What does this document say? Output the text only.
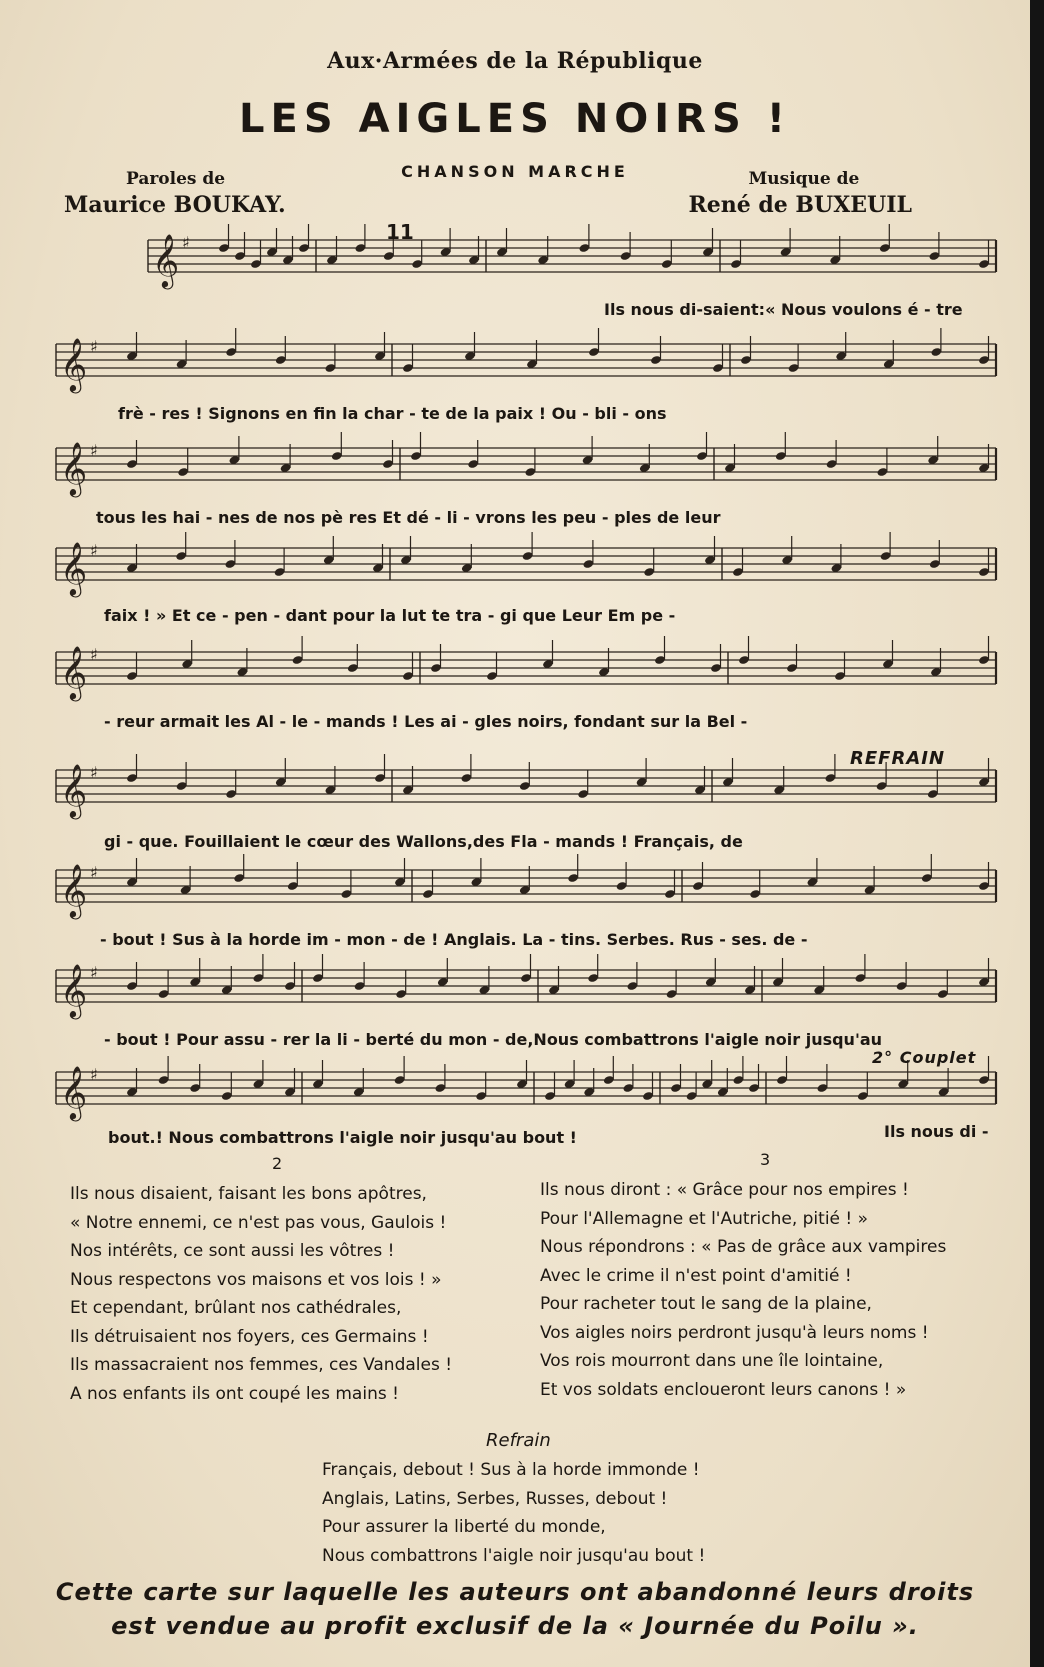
Aux·Armées de la République
LES AIGLES NOIRS !
CHANSON MARCHE
Paroles de
Maurice BOUKAY.
Musique de
René de BUXEUIL
𝄞 ♯
𝄞 ♯
𝄞 ♯
𝄞 ♯
𝄞 ♯
𝄞 ♯
𝄞 ♯
𝄞 ♯
𝄞 ♯
11
REFRAIN
2° Couplet
Ils nous di-saient:« Nous voulons é - tre
frè - res ! Signons en fin la char - te de la paix ! Ou - bli - ons
tous les hai - nes de nos pè res Et dé - li - vrons les peu - ples de leur
faix ! » Et ce - pen - dant pour la lut te tra - gi que Leur Em pe -
- reur armait les Al - le - mands ! Les ai - gles noirs, fondant sur la Bel -
gi - que. Fouillaient le cœur des Wallons,des Fla - mands ! Français, de
- bout ! Sus à la horde im - mon - de ! Anglais. La - tins. Serbes. Rus - ses. de -
- bout ! Pour assu - rer la li - berté du mon - de,Nous combattrons l'aigle noir jusqu'au
bout.! Nous combattrons l'aigle noir jusqu'au bout !	Ils nous di -
2
Ils nous disaient, faisant les bons apôtres,
« Notre ennemi, ce n'est pas vous, Gaulois !
Nos intérêts, ce sont aussi les vôtres !
Nous respectons vos maisons et vos lois ! »
Et cependant, brûlant nos cathédrales,
Ils détruisaient nos foyers, ces Germains !
Ils massacraient nos femmes, ces Vandales !
A nos enfants ils ont coupé les mains !
3
Ils nous diront : « Grâce pour nos empires !
Pour l'Allemagne et l'Autriche, pitié ! »
Nous répondrons : « Pas de grâce aux vampires
Avec le crime il n'est point d'amitié !
Pour racheter tout le sang de la plaine,
Vos aigles noirs perdront jusqu'à leurs noms !
Vos rois mourront dans une île lointaine,
Et vos soldats encloueront leurs canons ! »
Refrain
Français, debout ! Sus à la horde immonde !
Anglais, Latins, Serbes, Russes, debout !
Pour assurer la liberté du monde,
Nous combattrons l'aigle noir jusqu'au bout !
Cette carte sur laquelle les auteurs ont abandonné leurs droits
est vendue au profit exclusif de la « Journée du Poilu ».
